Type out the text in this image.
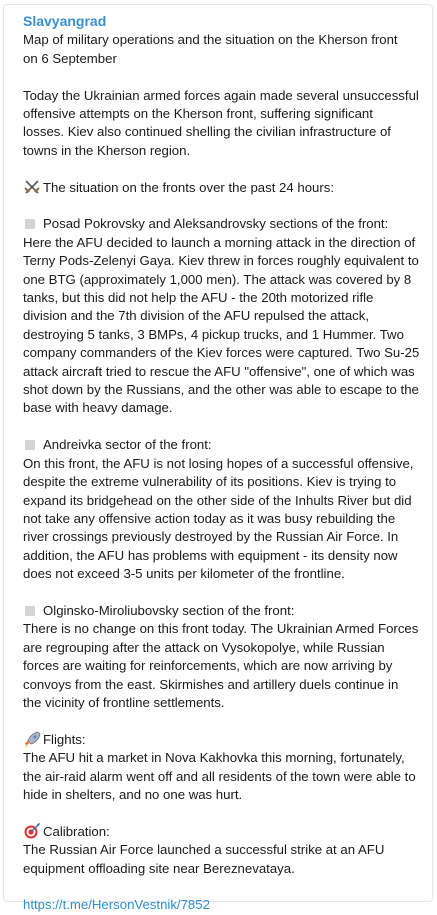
Slavyangrad
Map of military operations and the situation on the Kherson front
on 6 September
Today the Ukrainian armed forces again made several unsuccessful
offensive attempts on the Kherson front, suffering significant
losses. Kiev also continued shelling the civilian infrastructure of
towns in the Kherson region.
The situation on the fronts over the past 24 hours:
Posad Pokrovsky and Aleksandrovsky sections of the front:
Here the AFU decided to launch a morning attack in the direction of
Terny Pods-Zelenyi Gaya. Kiev threw in forces roughly equivalent to
one BTG (approximately 1,000 men). The attack was covered by 8
tanks, but this did not help the AFU - the 20th motorized rifle
division and the 7th division of the AFU repulsed the attack,
destroying 5 tanks, 3 BMPs, 4 pickup trucks, and 1 Hummer. Two
company commanders of the Kiev forces were captured. Two Su-25
attack aircraft tried to rescue the AFU "offensive", one of which was
shot down by the Russians, and the other was able to escape to the
base with heavy damage.
Andreivka sector of the front:
On this front, the AFU is not losing hopes of a successful offensive,
despite the extreme vulnerability of its positions. Kiev is trying to
expand its bridgehead on the other side of the Inhults River but did
not take any offensive action today as it was busy rebuilding the
river crossings previously destroyed by the Russian Air Force. In
addition, the AFU has problems with equipment - its density now
does not exceed 3-5 units per kilometer of the frontline.
Olginsko-Miroliubovsky section of the front:
There is no change on this front today. The Ukrainian Armed Forces
are regrouping after the attack on Vysokopolye, while Russian
forces are waiting for reinforcements, which are now arriving by
convoys from the east. Skirmishes and artillery duels continue in
the vicinity of frontline settlements.
Flights:
The AFU hit a market in Nova Kakhovka this morning, fortunately,
the air-raid alarm went off and all residents of the town were able to
hide in shelters, and no one was hurt.
Calibration:
The Russian Air Force launched a successful strike at an AFU
equipment offloading site near Bereznevataya.
https://t.me/HersonVestnik/7852
